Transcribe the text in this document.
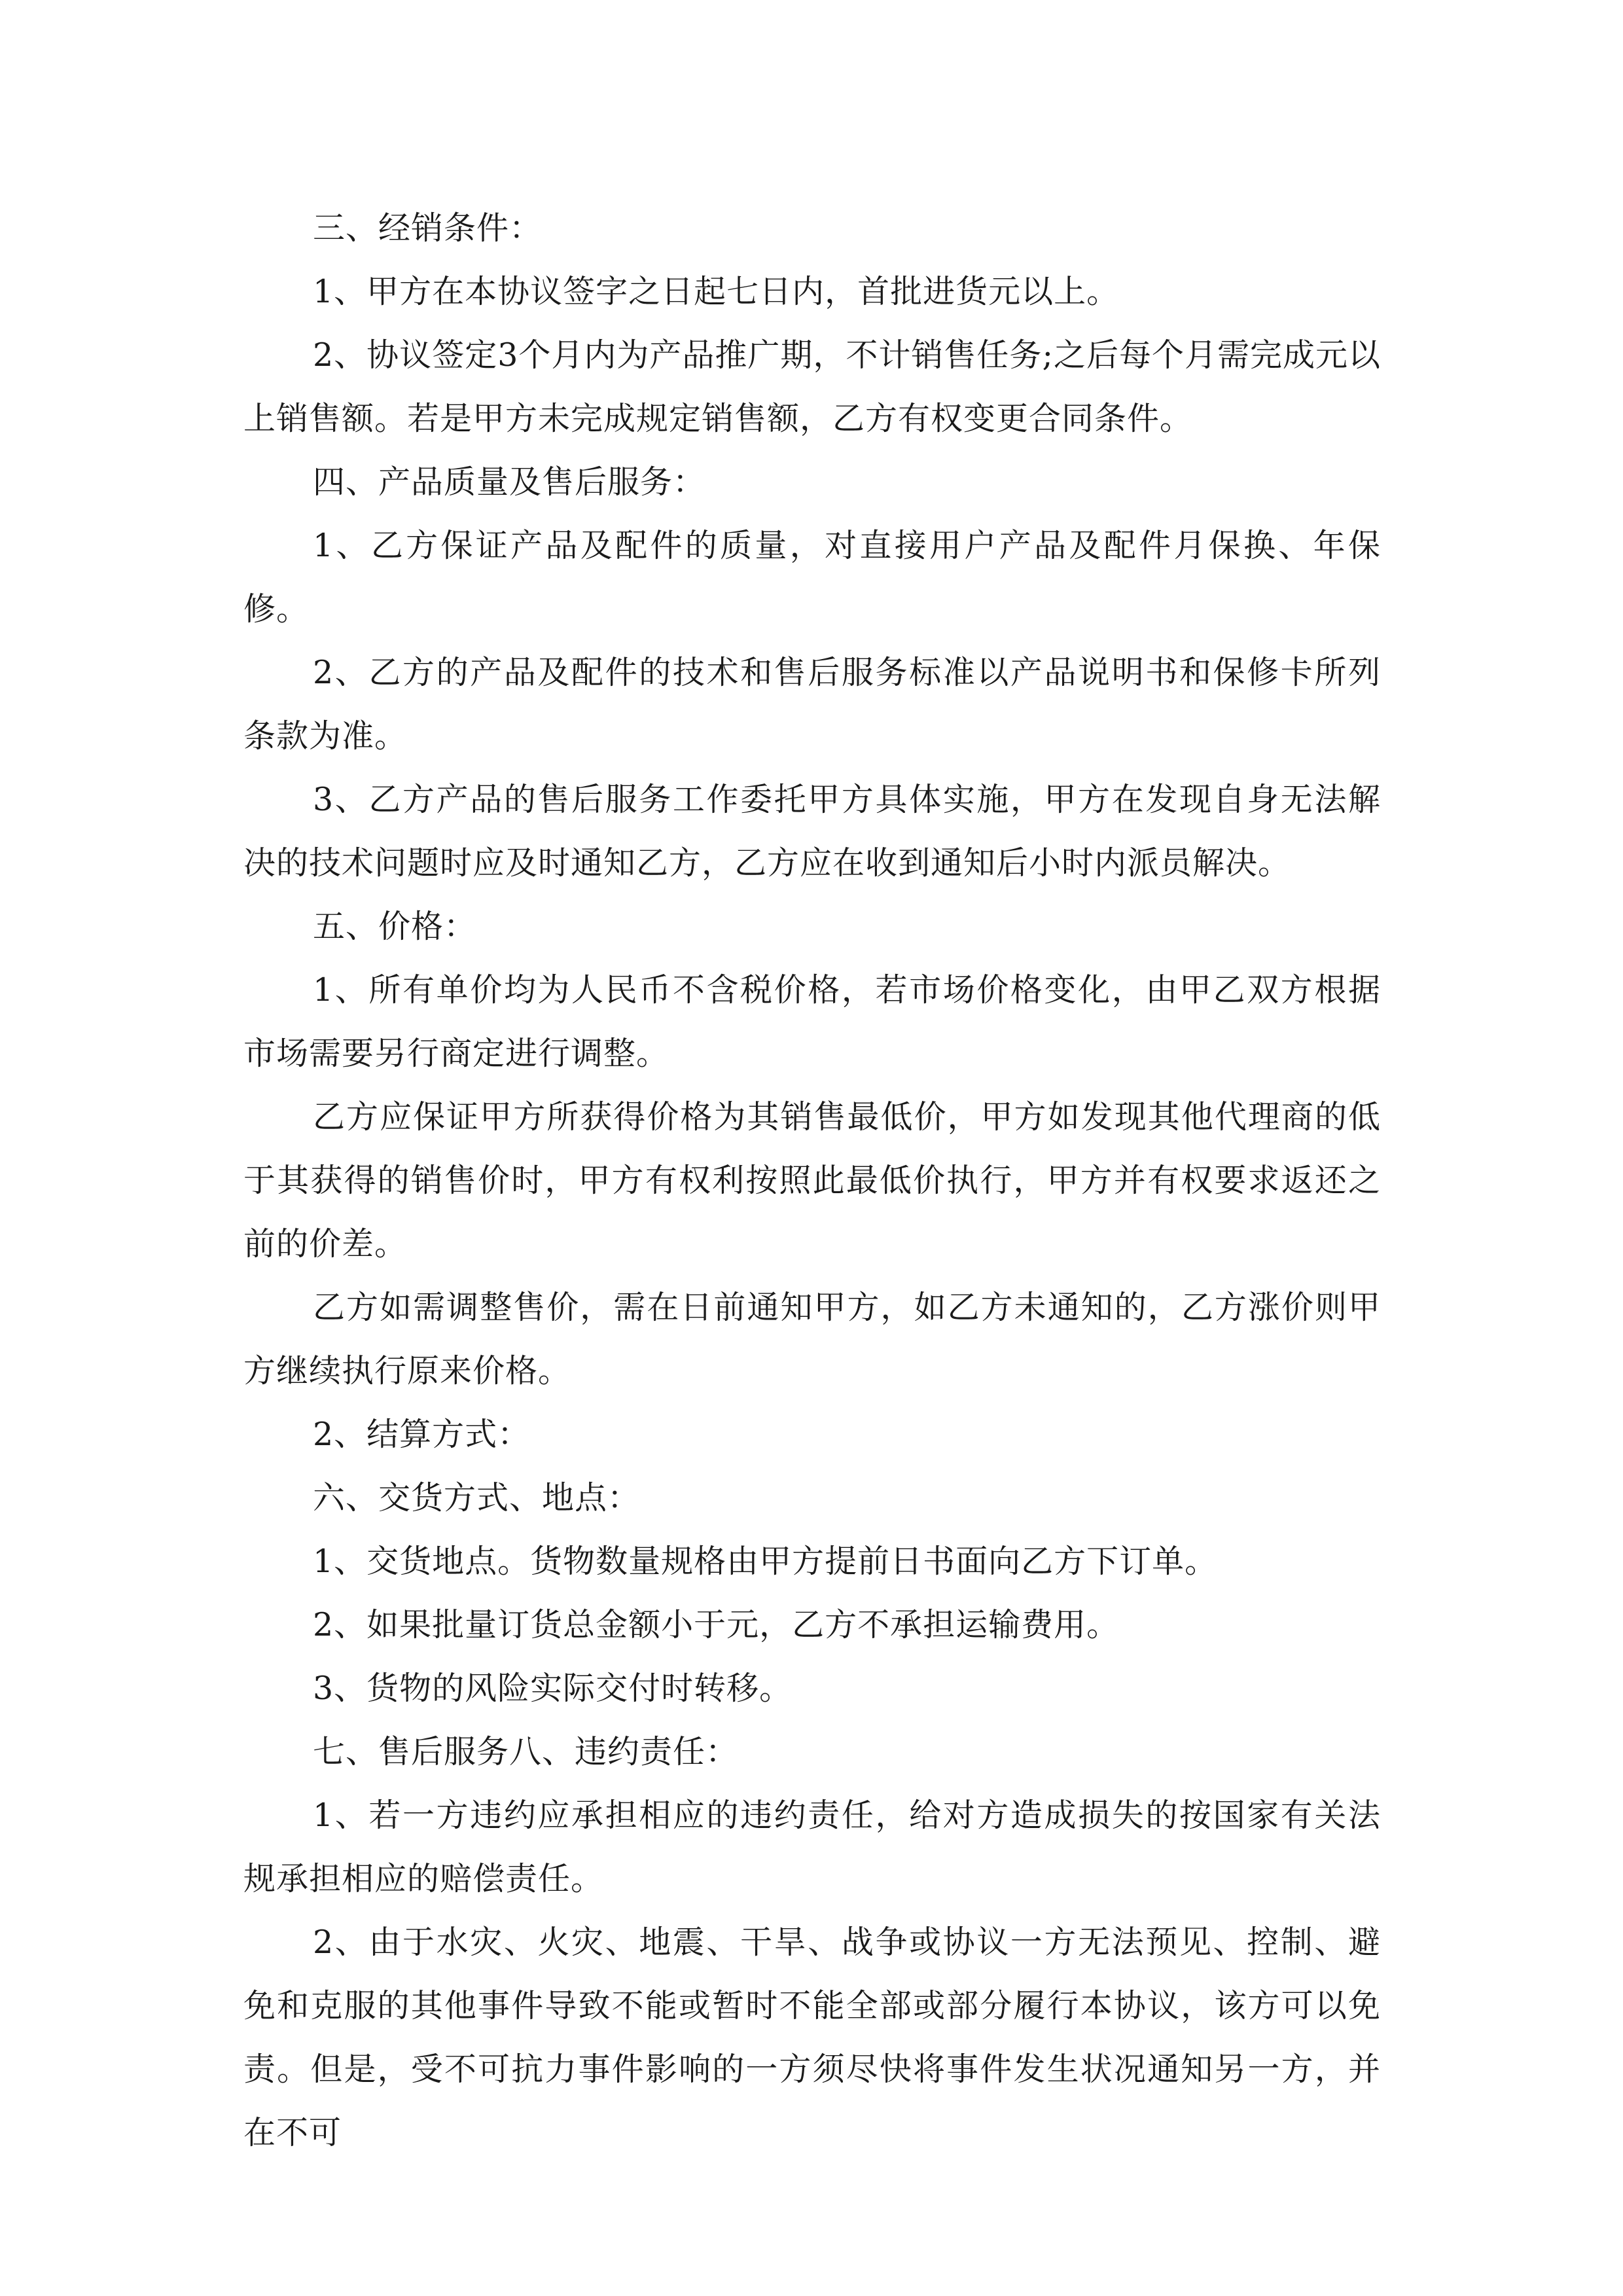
三、经销条件：

1、甲方在本协议签字之日起七日内，首批进货元以上。

2、协议签定3个月内为产品推广期，不计销售任务;之后每个月需完成元以上销售额。若是甲方未完成规定销售额，乙方有权变更合同条件。

四、产品质量及售后服务：

1、乙方保证产品及配件的质量，对直接用户产品及配件月保换、年保修。

2、乙方的产品及配件的技术和售后服务标准以产品说明书和保修卡所列条款为准。

3、乙方产品的售后服务工作委托甲方具体实施，甲方在发现自身无法解决的技术问题时应及时通知乙方，乙方应在收到通知后小时内派员解决。

五、价格：

1、所有单价均为人民币不含税价格，若市场价格变化，由甲乙双方根据市场需要另行商定进行调整。

乙方应保证甲方所获得价格为其销售最低价，甲方如发现其他代理商的低于其获得的销售价时，甲方有权利按照此最低价执行，甲方并有权要求返还之前的价差。

乙方如需调整售价，需在日前通知甲方，如乙方未通知的，乙方涨价则甲方继续执行原来价格。

2、结算方式：

六、交货方式、地点：

1、交货地点。货物数量规格由甲方提前日书面向乙方下订单。

2、如果批量订货总金额小于元，乙方不承担运输费用。

3、货物的风险实际交付时转移。

七、售后服务八、违约责任：

1、若一方违约应承担相应的违约责任，给对方造成损失的按国家有关法规承担相应的赔偿责任。

2、由于水灾、火灾、地震、干旱、战争或协议一方无法预见、控制、避免和克服的其他事件导致不能或暂时不能全部或部分履行本协议，该方可以免责。但是，受不可抗力事件影响的一方须尽快将事件发生状况通知另一方，并在不可
